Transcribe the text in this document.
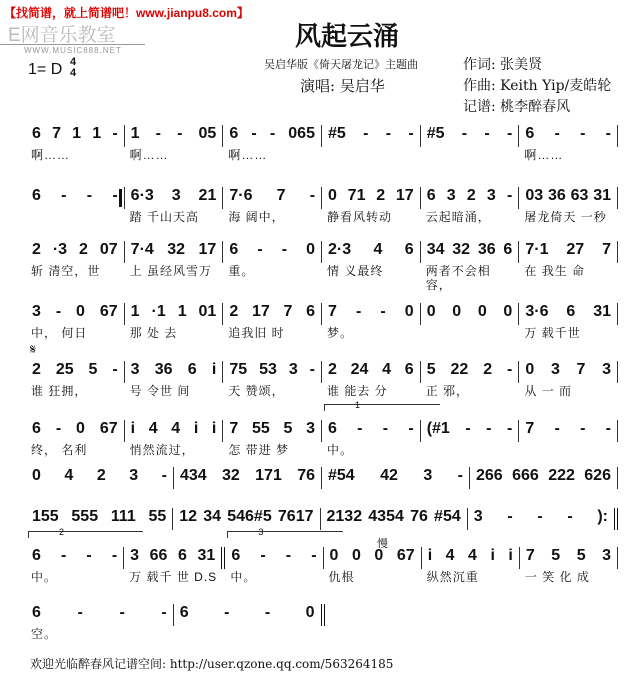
【找简谱，就上简谱吧！www.jianpu8.com】
E网音乐教室
WWW.MUSIC888.NET
1= D 4
4
风起云涌
吴启华版《倚天屠龙记》主题曲
演唱: 吴启华
作词: 张美贤
作曲: Keith Yip/麦皓轮
记谱: 桃李醉春风
𝄋
慢
6 7 1 1 -
啊……
1 - - 05
啊……
6 - - 065
啊……
#5 - - - #5 - - - 6 - - -
啊……
6 - - - 6·3 3 21
踏 千山天高
7·6 7 -
海 阔中，
0 71 2 17
静看风转动
6 3 2 3 -
云起暗涌，
03 36 63 31
屠龙倚天 一秒
2 ·3 2 07
斩 清空，世
7·4 32 17
上 虽经风雪万
6 - - 0
重。
2·3 4 6
情 义最终
34 32 36 6
两者不会相 容，
7·1 27 7
在 我生 命
3 - 0 67
中， 何日
1 ·1 1 01
那 处 去
2 17 7 6
追我旧 时
7 - - 0
梦。
0 0 0 0 3·6 6 31
万 载千世
2 25 5 -
谁 狂拥，
3 36 6 i
号 令世 间
75 53 3 -
天 赞颂，
2 24 4 6
谁 能去 分
5 22 2 -
正 邪，
0 3 7 3
从 一 而
6 - 0 67
终， 名利
i 4 4 i i
悄然流过，
7 55 5 3
怎 带进 梦
1
6 - - -
中。
(#1 - - - 7 - - -
0 4 2 3 - 434 32 171 76 #54 42 3 - 266 666 222 626
155 555 111 55 12 34 546#5 7617 2132 4354 76 #54 3 - - - ):
2
6 - - -
中。
3 66 6 31
万 载千 世 D.S
3
6 - - -
中。
0 0 0 67
仇根
i 4 4 i i
纵然沉重
7 5 5 3
一 笑 化 成
6 - - -
空。
6 - - 0
欢迎光临醉春风记谱空间: http://user.qzone.qq.com/563264185
